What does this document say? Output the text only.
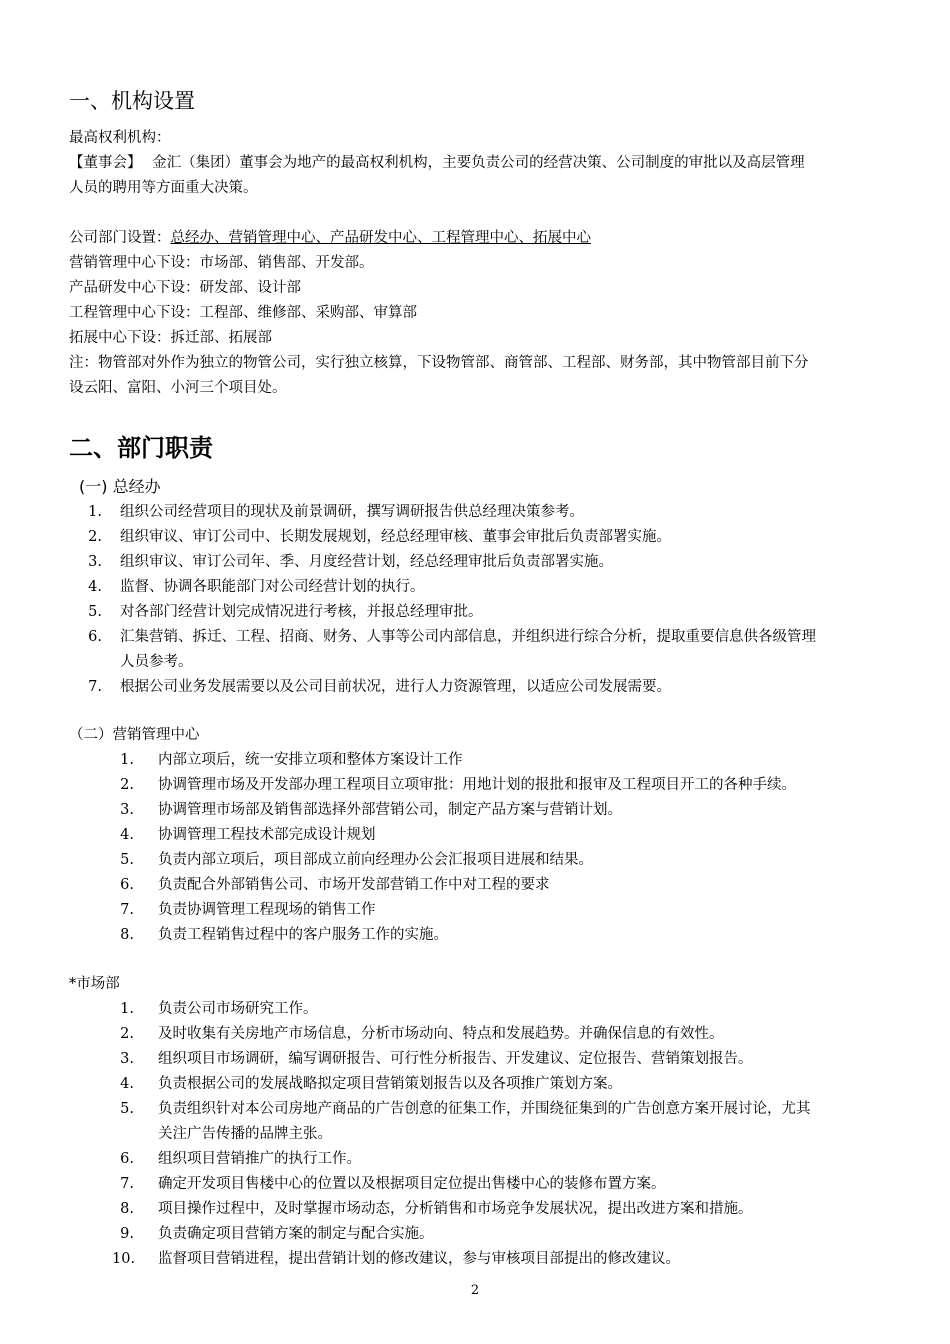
一、机构设置
最高权利机构：
【董事会】 金汇（集团）董事会为地产的最高权利机构，主要负责公司的经营决策、公司制度的审批以及高层管理
人员的聘用等方面重大决策。
公司部门设置：总经办、营销管理中心、产品研发中心、工程管理中心、拓展中心
营销管理中心下设：市场部、销售部、开发部。
产品研发中心下设：研发部、设计部
工程管理中心下设：工程部、维修部、采购部、审算部
拓展中心下设：拆迁部、拓展部
注：物管部对外作为独立的物管公司，实行独立核算，下设物管部、商管部、工程部、财务部，其中物管部目前下分
设云阳、富阳、小河三个项目处。
二、部门职责
(一) 总经办
1. 组织公司经营项目的现状及前景调研，撰写调研报告供总经理决策参考。
2. 组织审议、审订公司中、长期发展规划，经总经理审核、董事会审批后负责部署实施。
3. 组织审议、审订公司年、季、月度经营计划，经总经理审批后负责部署实施。
4. 监督、协调各职能部门对公司经营计划的执行。
5. 对各部门经营计划完成情况进行考核，并报总经理审批。
6. 汇集营销、拆迁、工程、招商、财务、人事等公司内部信息，并组织进行综合分析，提取重要信息供各级管理
人员参考。
7. 根据公司业务发展需要以及公司目前状况，进行人力资源管理，以适应公司发展需要。
（二）营销管理中心
1. 内部立项后，统一安排立项和整体方案设计工作
2. 协调管理市场及开发部办理工程项目立项审批：用地计划的报批和报审及工程项目开工的各种手续。
3. 协调管理市场部及销售部选择外部营销公司，制定产品方案与营销计划。
4. 协调管理工程技术部完成设计规划
5. 负责内部立项后，项目部成立前向经理办公会汇报项目进展和结果。
6. 负责配合外部销售公司、市场开发部营销工作中对工程的要求
7. 负责协调管理工程现场的销售工作
8. 负责工程销售过程中的客户服务工作的实施。
*市场部
1. 负责公司市场研究工作。
2. 及时收集有关房地产市场信息，分析市场动向、特点和发展趋势。并确保信息的有效性。
3. 组织项目市场调研，编写调研报告、可行性分析报告、开发建议、定位报告、营销策划报告。
4. 负责根据公司的发展战略拟定项目营销策划报告以及各项推广策划方案。
5. 负责组织针对本公司房地产商品的广告创意的征集工作，并围绕征集到的广告创意方案开展讨论，尤其
关注广告传播的品牌主张。
6. 组织项目营销推广的执行工作。
7. 确定开发项目售楼中心的位置以及根据项目定位提出售楼中心的装修布置方案。
8. 项目操作过程中，及时掌握市场动态，分析销售和市场竞争发展状况，提出改进方案和措施。
9. 负责确定项目营销方案的制定与配合实施。
10. 监督项目营销进程，提出营销计划的修改建议，参与审核项目部提出的修改建议。
2
